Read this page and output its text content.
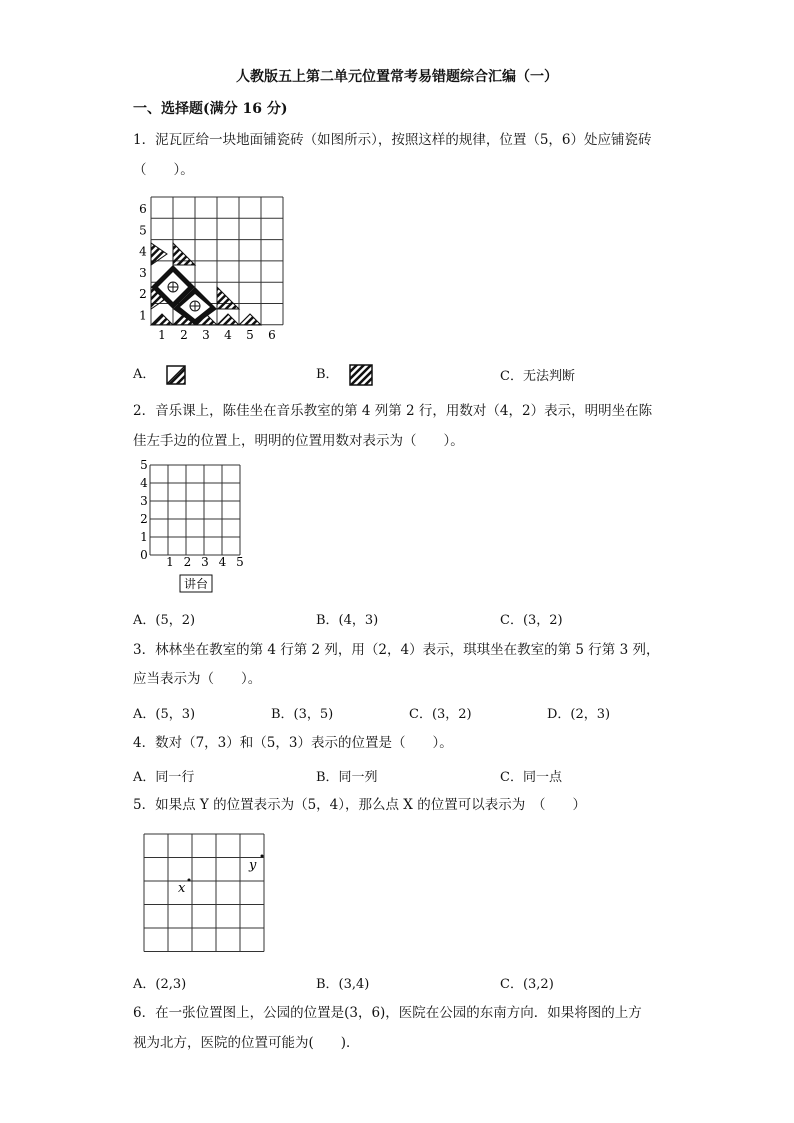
人教版五上第二单元位置常考易错题综合汇编（一）
一、选择题(满分 16 分)
1．泥瓦匠给一块地面铺瓷砖（如图所示），按照这样的规律，位置（5，6）处应铺瓷砖
（　　）。
6
5
4
3
2
1
1 2 3 4 5 6
A．	B．	C．无法判断
2．音乐课上，陈佳坐在音乐教室的第 4 列第 2 行，用数对（4，2）表示，明明坐在陈
佳左手边的位置上，明明的位置用数对表示为（　　）。
5
4
3
2
1
0 1 2 3 4 5
讲台
A．(5，2)	B．(4，3)	C．(3，2)
3．林林坐在教室的第 4 行第 2 列，用（2，4）表示，琪琪坐在教室的第 5 行第 3 列，
应当表示为（　　）。
A．(5，3)	B．(3，5)	C．(3，2)	D．(2，3)
4．数对（7，3）和（5，3）表示的位置是（　　）。
A．同一行	B．同一列	C．同一点
5．如果点 Y 的位置表示为（5，4），那么点 X 的位置可以表示为　（　　）
x
y
A．(2,3)	B．(3,4)	C．(3,2)
6．在一张位置图上，公园的位置是(3，6)，医院在公园的东南方向．如果将图的上方
视为北方，医院的位置可能为(　　)．
